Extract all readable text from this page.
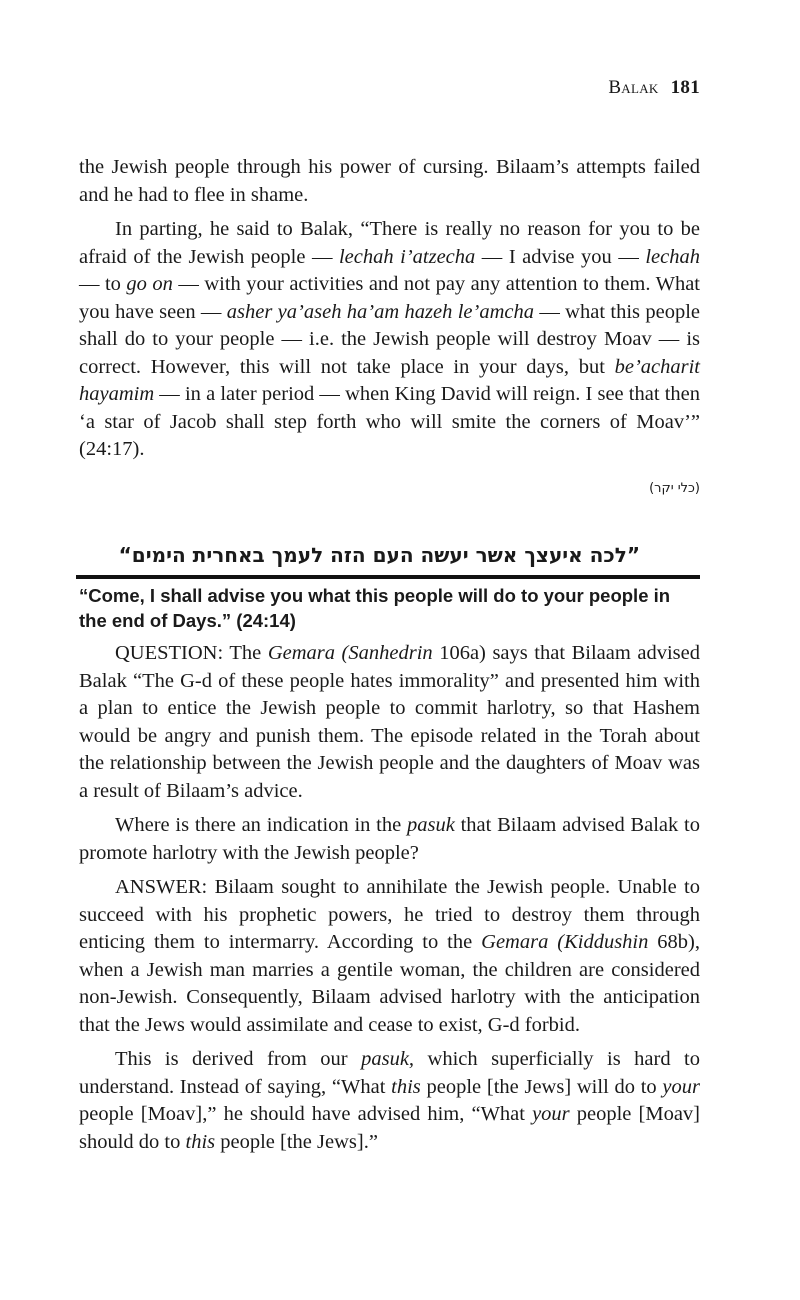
Balak 181

the Jewish people through his power of cursing. Bilaam’s attempts failed and he had to flee in shame.

In parting, he said to Balak, “There is really no reason for you to be afraid of the Jewish people — lechah i’atzecha — I advise you — lechah — to go on — with your activities and not pay any attention to them. What you have seen — asher ya’aseh ha’am hazeh le’amcha — what this people shall do to your people — i.e. the Jewish people will destroy Moav — is correct. However, this will not take place in your days, but be’acharit hayamim — in a later period — when King David will reign. I see that then ‘a star of Jacob shall step forth who will smite the corners of Moav’” (24:17).

(כלי יקר)
”לכה איעצך אשר יעשה העם הזה לעמך באחרית הימים“
“Come, I shall advise you what this people will do to your people in the end of Days.” (24:14)

QUESTION: The Gemara (Sanhedrin 106a) says that Bilaam advised Balak “The G-d of these people hates immorality” and presented him with a plan to entice the Jewish people to commit harlotry, so that Hashem would be angry and punish them. The episode related in the Torah about the relationship between the Jewish people and the daughters of Moav was a result of Bilaam’s advice.

Where is there an indication in the pasuk that Bilaam advised Balak to promote harlotry with the Jewish people?

ANSWER: Bilaam sought to annihilate the Jewish people. Unable to succeed with his prophetic powers, he tried to destroy them through enticing them to intermarry. According to the Gemara (Kiddushin 68b), when a Jewish man marries a gentile woman, the children are considered non-Jewish. Consequently, Bilaam advised harlotry with the anticipation that the Jews would assimilate and cease to exist, G-d forbid.

This is derived from our pasuk, which superficially is hard to understand. Instead of saying, “What this people [the Jews] will do to your people [Moav],” he should have advised him, “What your people [Moav] should do to this people [the Jews].”
